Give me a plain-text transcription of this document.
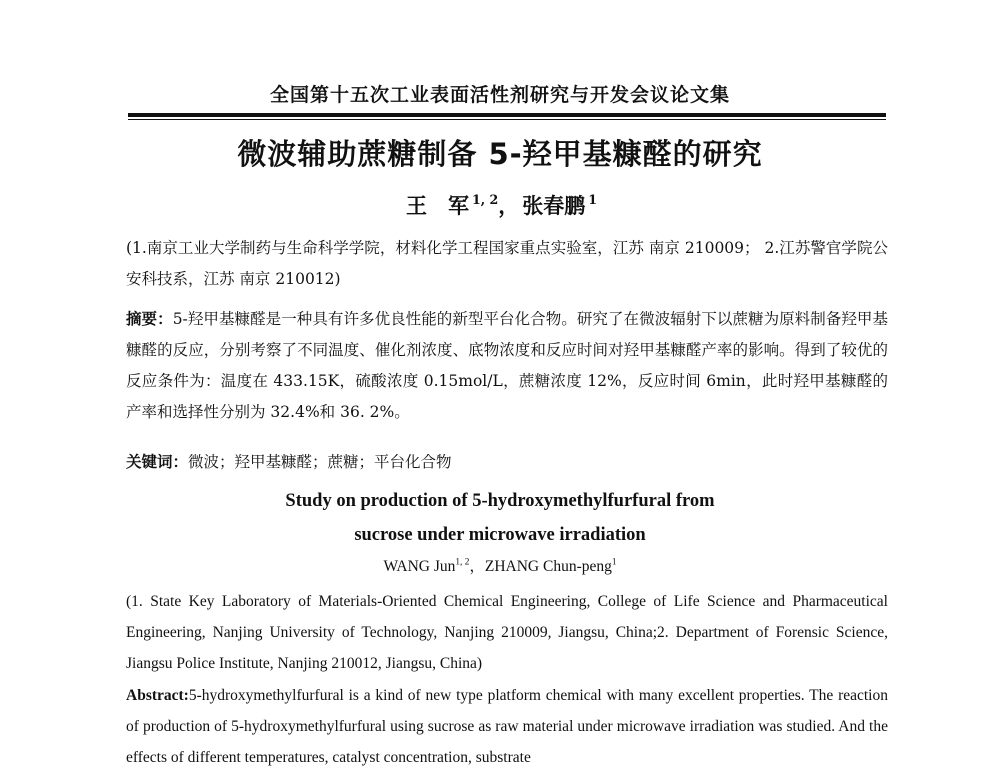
全国第十五次工业表面活性剂研究与开发会议论文集
微波辅助蔗糖制备 5-羟甲基糠醛的研究
王　军 $^{1, 2}$， 张春鹏 $^1$
(1.南京工业大学制药与生命科学学院，材料化学工程国家重点实验室，江苏 南京 210009； 2.江苏警官学院公安科技系，江苏 南京 210012)
摘要：5-羟甲基糠醛是一种具有许多优良性能的新型平台化合物。研究了在微波辐射下以蔗糖为原料制备羟甲基糠醛的反应，分别考察了不同温度、催化剂浓度、底物浓度和反应时间对羟甲基糠醛产率的影响。得到了较优的反应条件为：温度在 433.15K，硫酸浓度 0.15mol/L，蔗糖浓度 12%，反应时间 6min，此时羟甲基糠醛的产率和选择性分别为 32.4%和 36. 2%。
关键词：微波；羟甲基糠醛；蔗糖；平台化合物
Study on production of 5-hydroxymethylfurfural from
sucrose under microwave irradiation
WANG Jun$^{1, 2}$，ZHANG Chun-peng$^1$
(1. State Key Laboratory of Materials-Oriented Chemical Engineering, College of Life Science and Pharmaceutical Engineering, Nanjing University of Technology, Nanjing 210009, Jiangsu, China;2. Department of Forensic Science, Jiangsu Police Institute, Nanjing 210012, Jiangsu, China)
Abstract:5-hydroxymethylfurfural is a kind of new type platform chemical with many excellent properties. The reaction of production of 5-hydroxymethylfurfural using sucrose as raw material under microwave irradiation was studied. And the effects of different temperatures, catalyst concentration, substrate
